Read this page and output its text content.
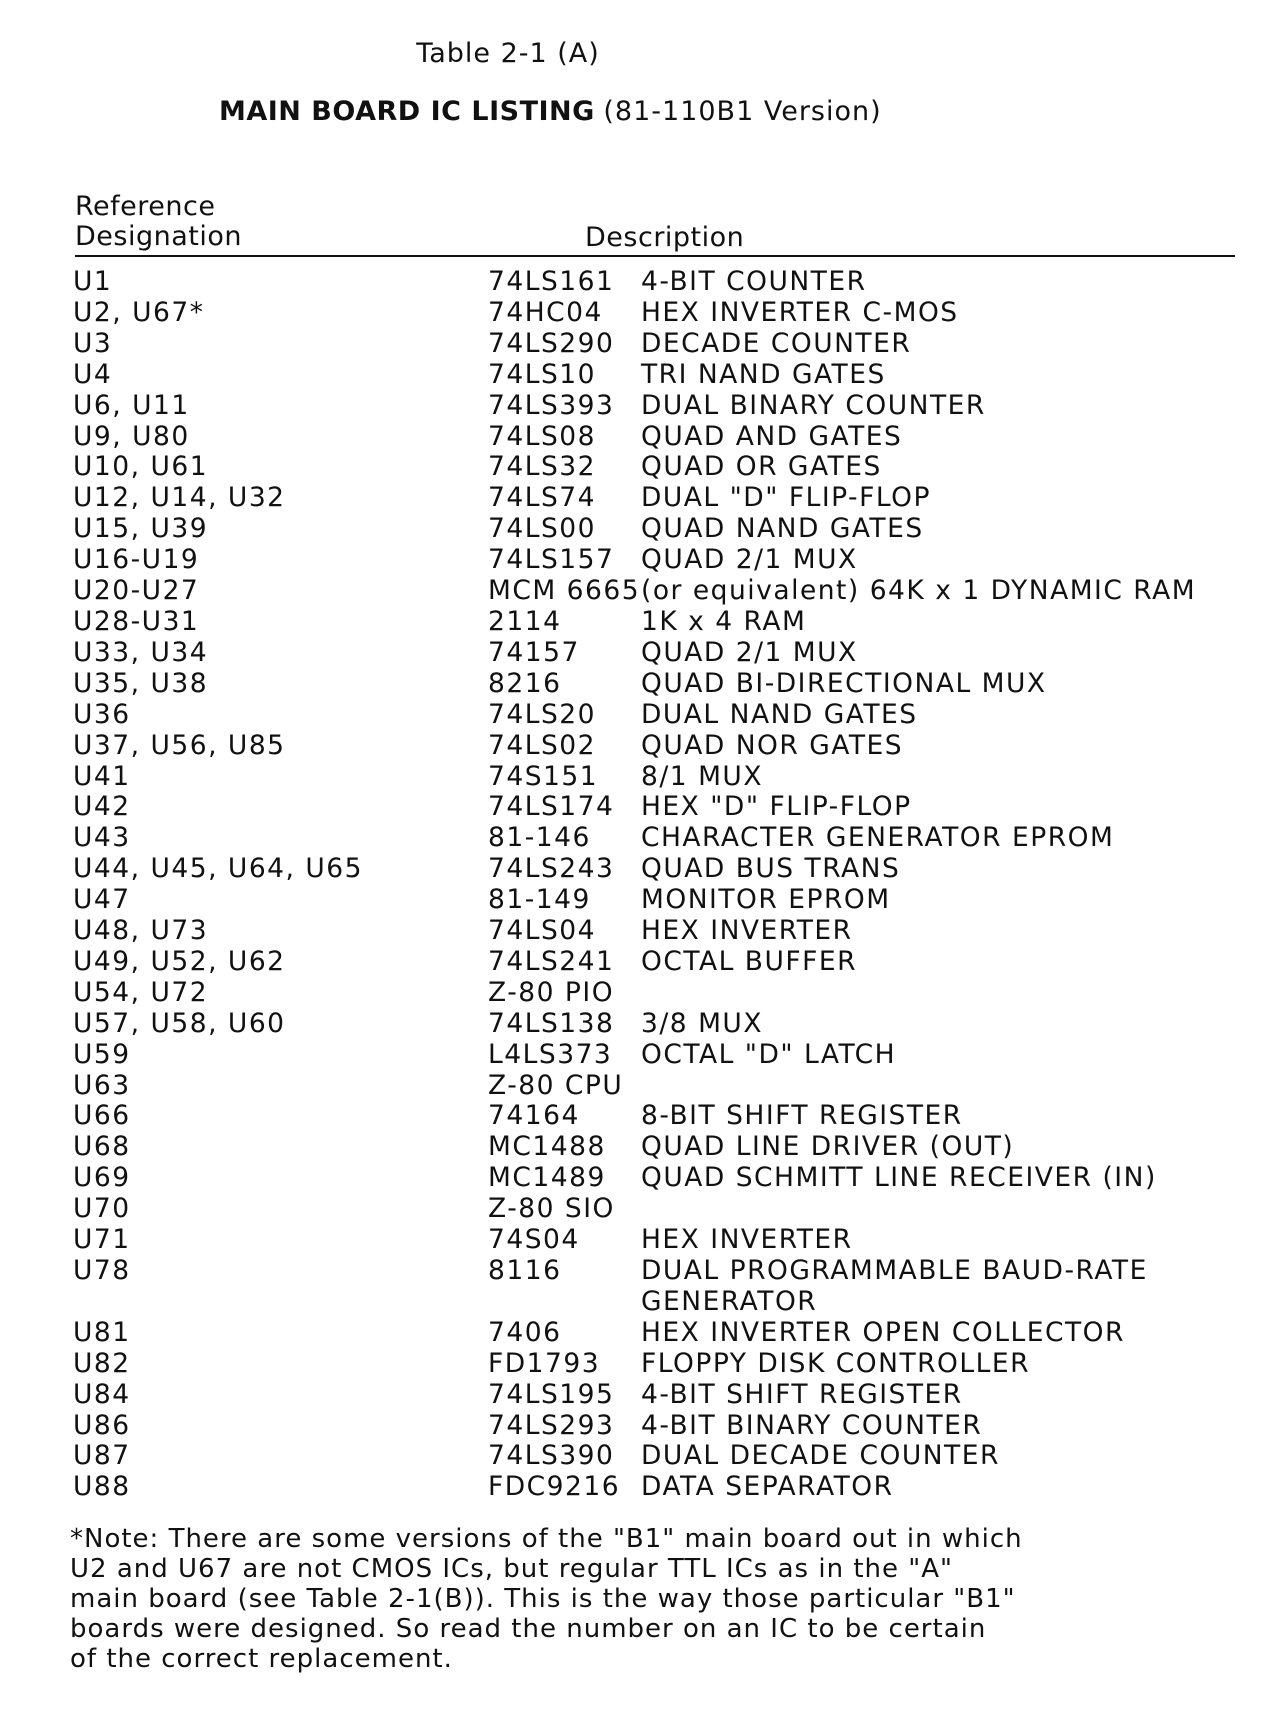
Table 2-1 (A)
MAIN BOARD IC LISTING (81-110B1 Version)
Reference
Designation	Description
U1	74LS161	4-BIT COUNTER
U2, U67*	74HC04	HEX INVERTER C-MOS
U3	74LS290	DECADE COUNTER
U4	74LS10	TRI NAND GATES
U6, U11	74LS393	DUAL BINARY COUNTER
U9, U80	74LS08	QUAD AND GATES
U10, U61	74LS32	QUAD OR GATES
U12, U14, U32	74LS74	DUAL "D" FLIP-FLOP
U15, U39	74LS00	QUAD NAND GATES
U16-U19	74LS157	QUAD 2/1 MUX
U20-U27	MCM 6665 (or equivalent) 64K x 1 DYNAMIC RAM
U28-U31	2114	1K x 4 RAM
U33, U34	74157	QUAD 2/1 MUX
U35, U38	8216	QUAD BI-DIRECTIONAL MUX
U36	74LS20	DUAL NAND GATES
U37, U56, U85	74LS02	QUAD NOR GATES
U41	74S151	8/1 MUX
U42	74LS174	HEX "D" FLIP-FLOP
U43	81-146	CHARACTER GENERATOR EPROM
U44, U45, U64, U65	74LS243	QUAD BUS TRANS
U47	81-149	MONITOR EPROM
U48, U73	74LS04	HEX INVERTER
U49, U52, U62	74LS241	OCTAL BUFFER
U54, U72	Z-80 PIO
U57, U58, U60	74LS138	3/8 MUX
U59	L4LS373	OCTAL "D" LATCH
U63	Z-80 CPU
U66	74164	8-BIT SHIFT REGISTER
U68	MC1488	QUAD LINE DRIVER (OUT)
U69	MC1489	QUAD SCHMITT LINE RECEIVER (IN)
U70	Z-80 SIO
U71	74S04	HEX INVERTER
U78	8116	DUAL PROGRAMMABLE BAUD-RATE GENERATOR
U81	7406	HEX INVERTER OPEN COLLECTOR
U82	FD1793	FLOPPY DISK CONTROLLER
U84	74LS195	4-BIT SHIFT REGISTER
U86	74LS293	4-BIT BINARY COUNTER
U87	74LS390	DUAL DECADE COUNTER
U88	FDC9216 DATA SEPARATOR

*Note: There are some versions of the "B1" main board out in which

U2 and U67 are not CMOS ICs, but regular TTL ICs as in the "A"

main board (see Table 2-1(B)). This is the way those particular "B1"

boards were designed. So read the number on an IC to be certain

of the correct replacement.
